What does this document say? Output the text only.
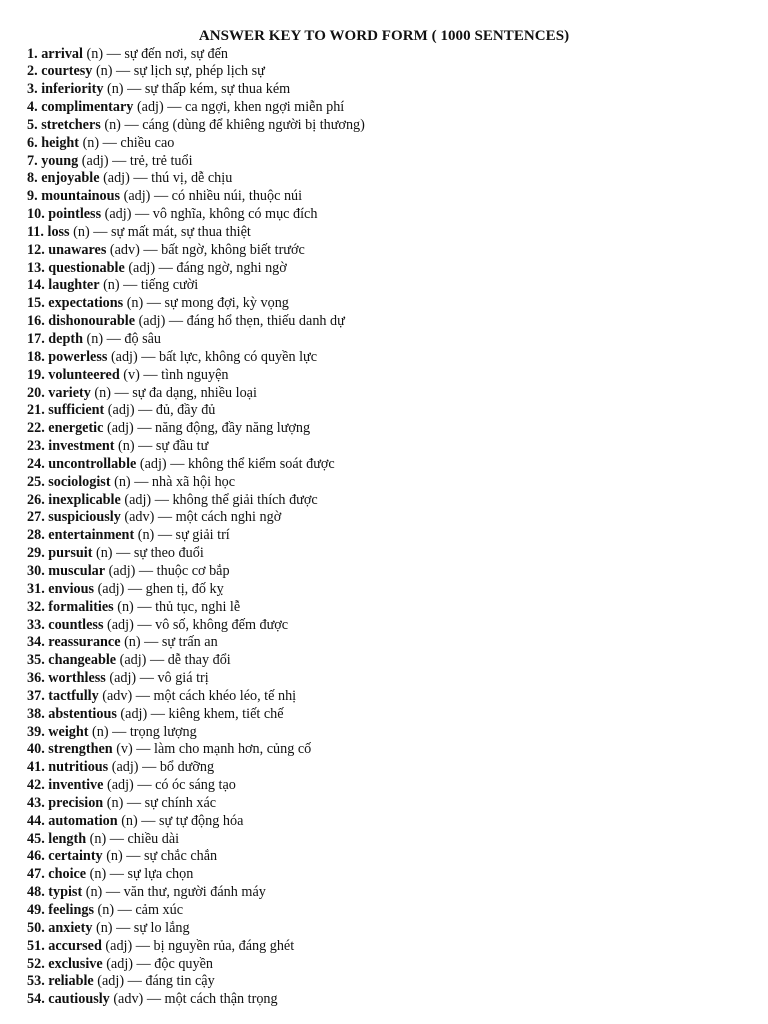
ANSWER KEY TO WORD FORM ( 1000 SENTENCES)
1. arrival (n) — sự đến nơi, sự đến
2. courtesy (n) — sự lịch sự, phép lịch sự
3. inferiority (n) — sự thấp kém, sự thua kém
4. complimentary (adj) — ca ngợi, khen ngợi miễn phí
5. stretchers (n) — cáng (dùng để khiêng người bị thương)
6. height (n) — chiều cao
7. young (adj) — trẻ, trẻ tuổi
8. enjoyable (adj) — thú vị, dễ chịu
9. mountainous (adj) — có nhiều núi, thuộc núi
10. pointless (adj) — vô nghĩa, không có mục đích
11. loss (n) — sự mất mát, sự thua thiệt
12. unawares (adv) — bất ngờ, không biết trước
13. questionable (adj) — đáng ngờ, nghi ngờ
14. laughter (n) — tiếng cười
15. expectations (n) — sự mong đợi, kỳ vọng
16. dishonourable (adj) — đáng hổ thẹn, thiếu danh dự
17. depth (n) — độ sâu
18. powerless (adj) — bất lực, không có quyền lực
19. volunteered (v) — tình nguyện
20. variety (n) — sự đa dạng, nhiều loại
21. sufficient (adj) — đủ, đầy đủ
22. energetic (adj) — năng động, đầy năng lượng
23. investment (n) — sự đầu tư
24. uncontrollable (adj) — không thể kiểm soát được
25. sociologist (n) — nhà xã hội học
26. inexplicable (adj) — không thể giải thích được
27. suspiciously (adv) — một cách nghi ngờ
28. entertainment (n) — sự giải trí
29. pursuit (n) — sự theo đuổi
30. muscular (adj) — thuộc cơ bắp
31. envious (adj) — ghen tị, đố kỵ
32. formalities (n) — thủ tục, nghi lễ
33. countless (adj) — vô số, không đếm được
34. reassurance (n) — sự trấn an
35. changeable (adj) — dễ thay đổi
36. worthless (adj) — vô giá trị
37. tactfully (adv) — một cách khéo léo, tế nhị
38. abstentious (adj) — kiêng khem, tiết chế
39. weight (n) — trọng lượng
40. strengthen (v) — làm cho mạnh hơn, củng cố
41. nutritious (adj) — bổ dưỡng
42. inventive (adj) — có óc sáng tạo
43. precision (n) — sự chính xác
44. automation (n) — sự tự động hóa
45. length (n) — chiều dài
46. certainty (n) — sự chắc chắn
47. choice (n) — sự lựa chọn
48. typist (n) — văn thư, người đánh máy
49. feelings (n) — cảm xúc
50. anxiety (n) — sự lo lắng
51. accursed (adj) — bị nguyền rủa, đáng ghét
52. exclusive (adj) — độc quyền
53. reliable (adj) — đáng tin cậy
54. cautiously (adv) — một cách thận trọng
